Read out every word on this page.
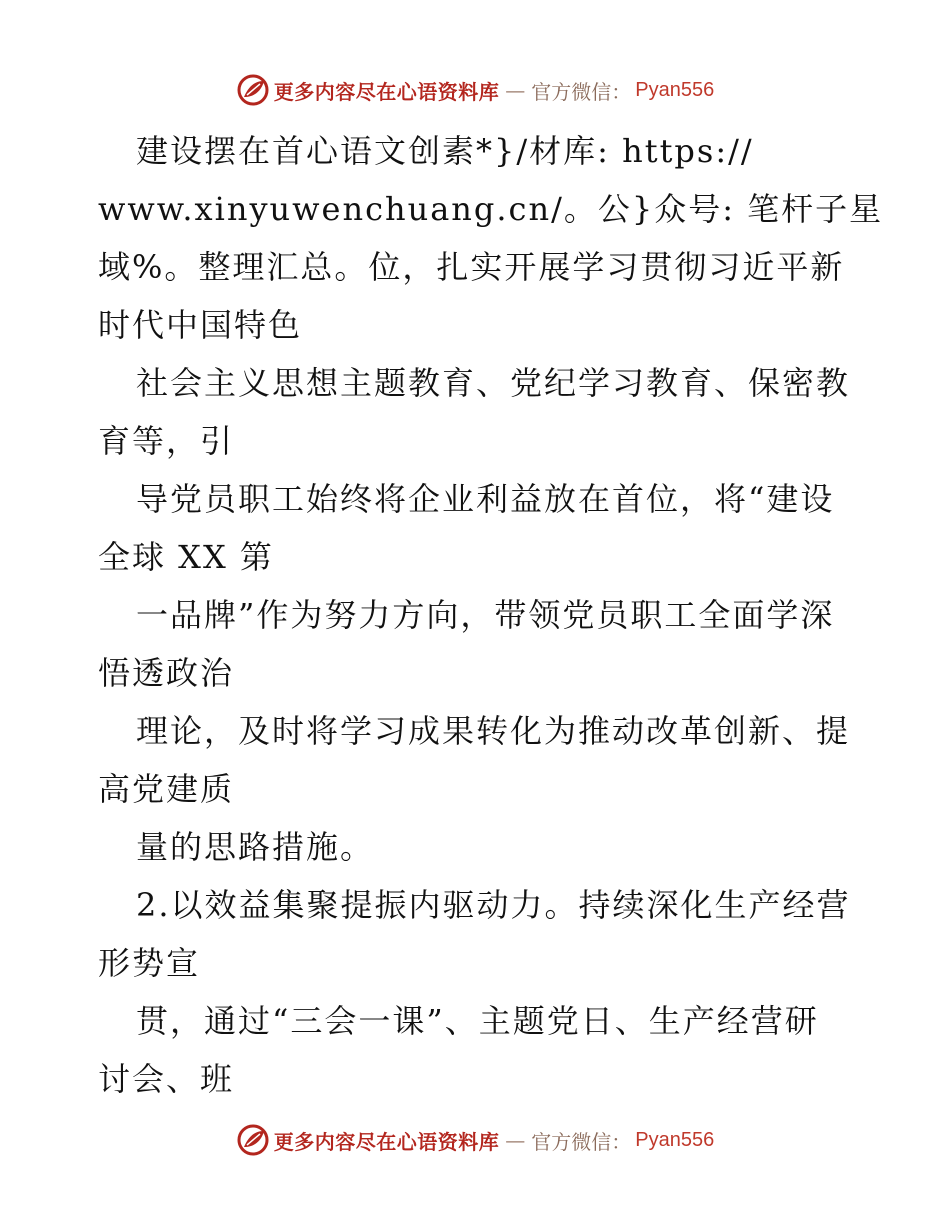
更多内容尽在心语资料库 — 官方微信： Pyan556
建设摆在首心语文创素*}/材库: https://
www.xinyuwenchuang.cn/。公}众号: 笔杆子星
域%。整理汇总。位，扎实开展学习贯彻习近平新
时代中国特色
社会主义思想主题教育、党纪学习教育、保密教
育等，引
导党员职工始终将企业利益放在首位，将“建设
全球 XX 第
一品牌”作为努力方向，带领党员职工全面学深
悟透政治
理论，及时将学习成果转化为推动改革创新、提
高党建质
量的思路措施。
2.以效益集聚提振内驱动力。持续深化生产经营
形势宣
贯，通过“三会一课”、主题党日、生产经营研
讨会、班
更多内容尽在心语资料库 — 官方微信： Pyan556
